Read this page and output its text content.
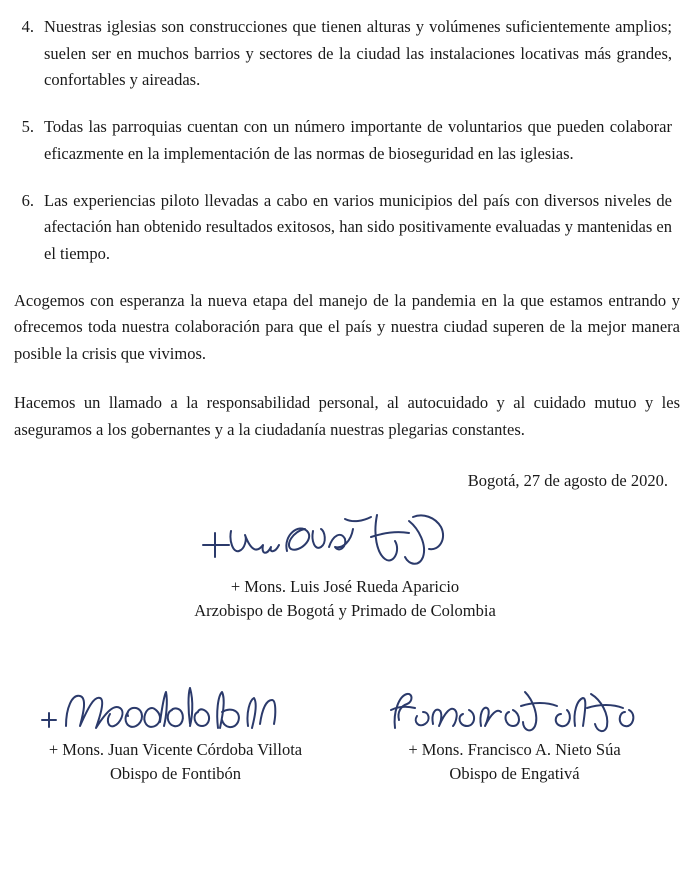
4. Nuestras iglesias son construcciones que tienen alturas y volúmenes suficientemente amplios; suelen ser en muchos barrios y sectores de la ciudad las instalaciones locativas más grandes, confortables y aireadas.
5. Todas las parroquias cuentan con un número importante de voluntarios que pueden colaborar eficazmente en la implementación de las normas de bioseguridad en las iglesias.
6. Las experiencias piloto llevadas a cabo en varios municipios del país con diversos niveles de afectación han obtenido resultados exitosos, han sido positivamente evaluadas y mantenidas en el tiempo.

Acogemos con esperanza la nueva etapa del manejo de la pandemia en la que estamos entrando y ofrecemos toda nuestra colaboración para que el país y nuestra ciudad superen de la mejor manera posible la crisis que vivimos.

Hacemos un llamado a la responsabilidad personal, al autocuidado y al cuidado mutuo y les aseguramos a los gobernantes y a la ciudadanía nuestras plegarias constantes.

Bogotá, 27 de agosto de 2020.
+ Mons. Luis José Rueda Aparicio
Arzobispo de Bogotá y Primado de Colombia
+ Mons. Juan Vicente Córdoba Villota
Obispo de Fontibón
+ Mons. Francisco A. Nieto Súa
Obispo de Engativá
